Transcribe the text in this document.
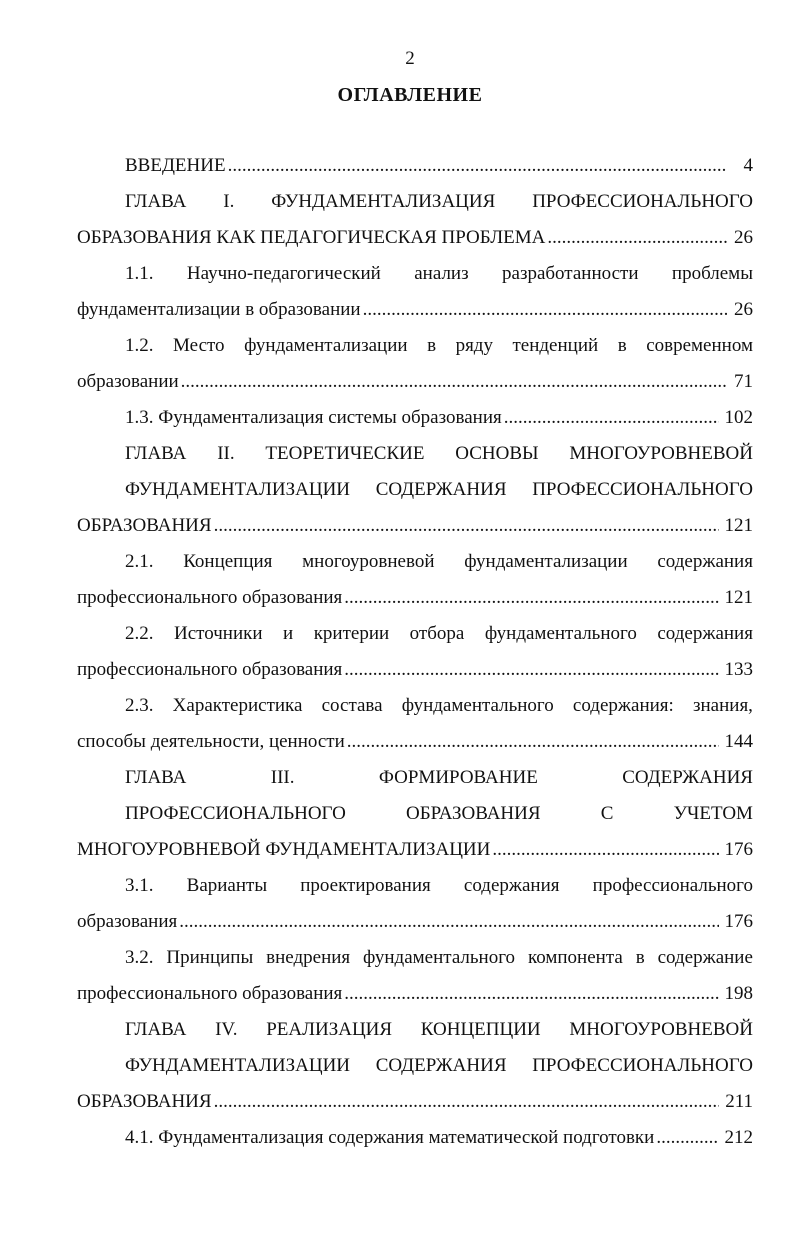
2
ОГЛАВЛЕНИЕ
ВВЕДЕНИЕ .....	4
ГЛАВА I. ФУНДАМЕНТАЛИЗАЦИЯ ПРОФЕССИОНАЛЬНОГО
ОБРАЗОВАНИЯ КАК ПЕДАГОГИЧЕСКАЯ ПРОБЛЕМА .....	26
1.1. Научно-педагогический анализ разработанности проблемы
фундаментализации в образовании .....	26
1.2. Место фундаментализации в ряду тенденций в современном
образовании .....	71
1.3. Фундаментализация системы образования .....	102
ГЛАВА II. ТЕОРЕТИЧЕСКИЕ ОСНОВЫ МНОГОУРОВНЕВОЙ
ФУНДАМЕНТАЛИЗАЦИИ СОДЕРЖАНИЯ ПРОФЕССИОНАЛЬНОГО
ОБРАЗОВАНИЯ .....	121
2.1. Концепция многоуровневой фундаментализации содержания
профессионального образования .....	121
2.2. Источники и критерии отбора фундаментального содержания
профессионального образования .....	133
2.3. Характеристика состава фундаментального содержания: знания,
способы деятельности, ценности .....	144
ГЛАВА	III.	ФОРМИРОВАНИЕ	СОДЕРЖАНИЯ
ПРОФЕССИОНАЛЬНОГО	ОБРАЗОВАНИЯ	С	УЧЕТОМ
МНОГОУРОВНЕВОЙ ФУНДАМЕНТАЛИЗАЦИИ .....	176
3.1. Варианты проектирования содержания профессионального
образования .....	176
3.2. Принципы внедрения фундаментального компонента в содержание
профессионального образования .....	198
ГЛАВА IV. РЕАЛИЗАЦИЯ КОНЦЕПЦИИ МНОГОУРОВНЕВОЙ
ФУНДАМЕНТАЛИЗАЦИИ СОДЕРЖАНИЯ ПРОФЕССИОНАЛЬНОГО
ОБРАЗОВАНИЯ .....	211
4.1. Фундаментализация содержания математической подготовки .....	212
